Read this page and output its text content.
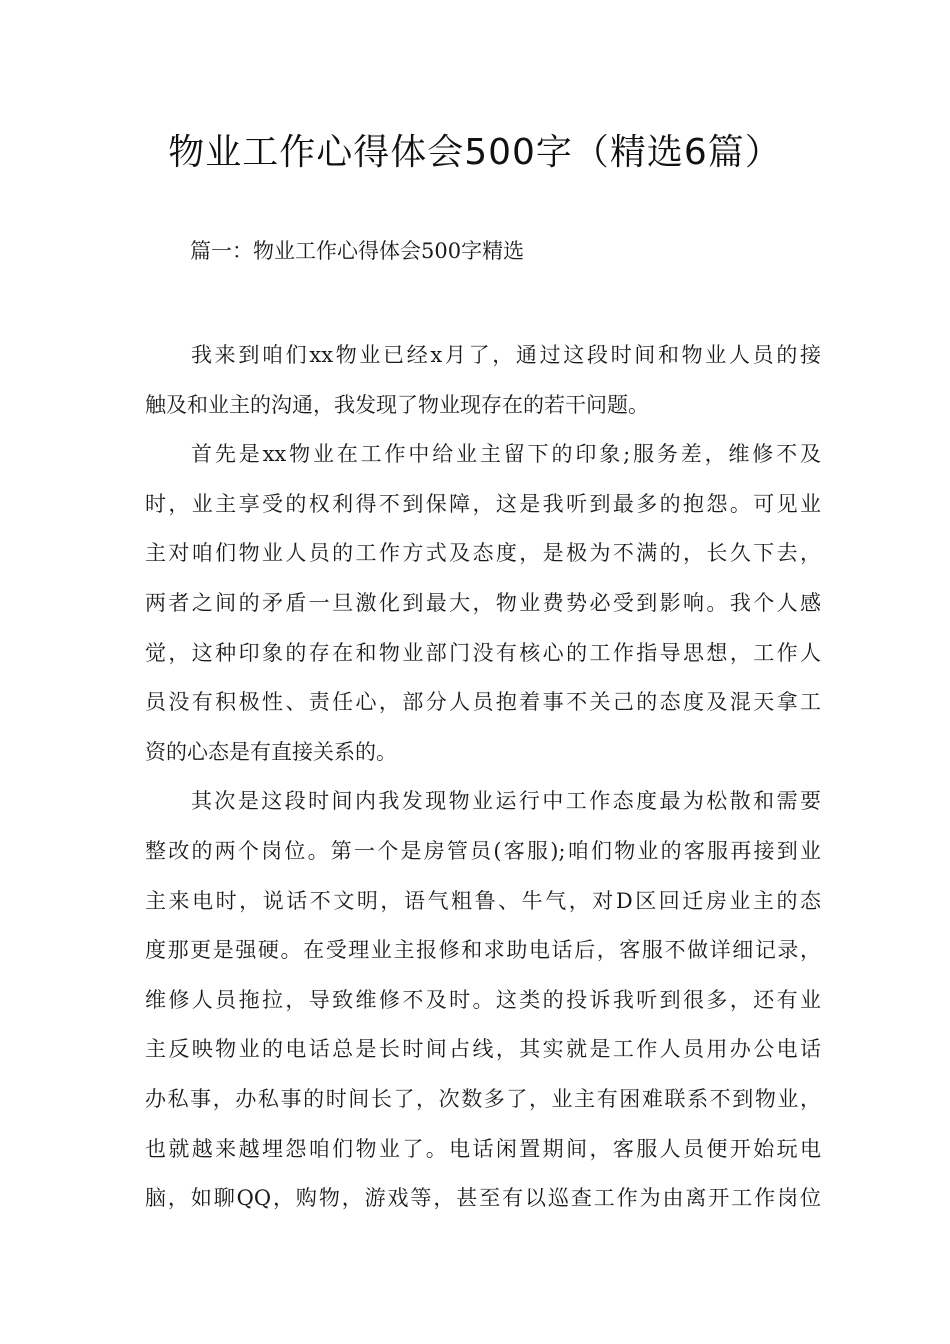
物业工作心得体会500字（精选6篇）
篇一：物业工作心得体会500字精选
我来到咱们xx物业已经x月了，通过这段时间和物业人员的接
触及和业主的沟通，我发现了物业现存在的若干问题。
首先是xx物业在工作中给业主留下的印象;服务差，维修不及
时，业主享受的权利得不到保障，这是我听到最多的抱怨。可见业
主对咱们物业人员的工作方式及态度，是极为不满的，长久下去，
两者之间的矛盾一旦激化到最大，物业费势必受到影响。我个人感
觉，这种印象的存在和物业部门没有核心的工作指导思想，工作人
员没有积极性、责任心，部分人员抱着事不关己的态度及混天拿工
资的心态是有直接关系的。
其次是这段时间内我发现物业运行中工作态度最为松散和需要
整改的两个岗位。第一个是房管员(客服);咱们物业的客服再接到业
主来电时，说话不文明，语气粗鲁、牛气，对D区回迁房业主的态
度那更是强硬。在受理业主报修和求助电话后，客服不做详细记录，
维修人员拖拉，导致维修不及时。这类的投诉我听到很多，还有业
主反映物业的电话总是长时间占线，其实就是工作人员用办公电话
办私事，办私事的时间长了，次数多了，业主有困难联系不到物业，
也就越来越埋怨咱们物业了。电话闲置期间，客服人员便开始玩电
脑，如聊QQ，购物，游戏等，甚至有以巡查工作为由离开工作岗位
